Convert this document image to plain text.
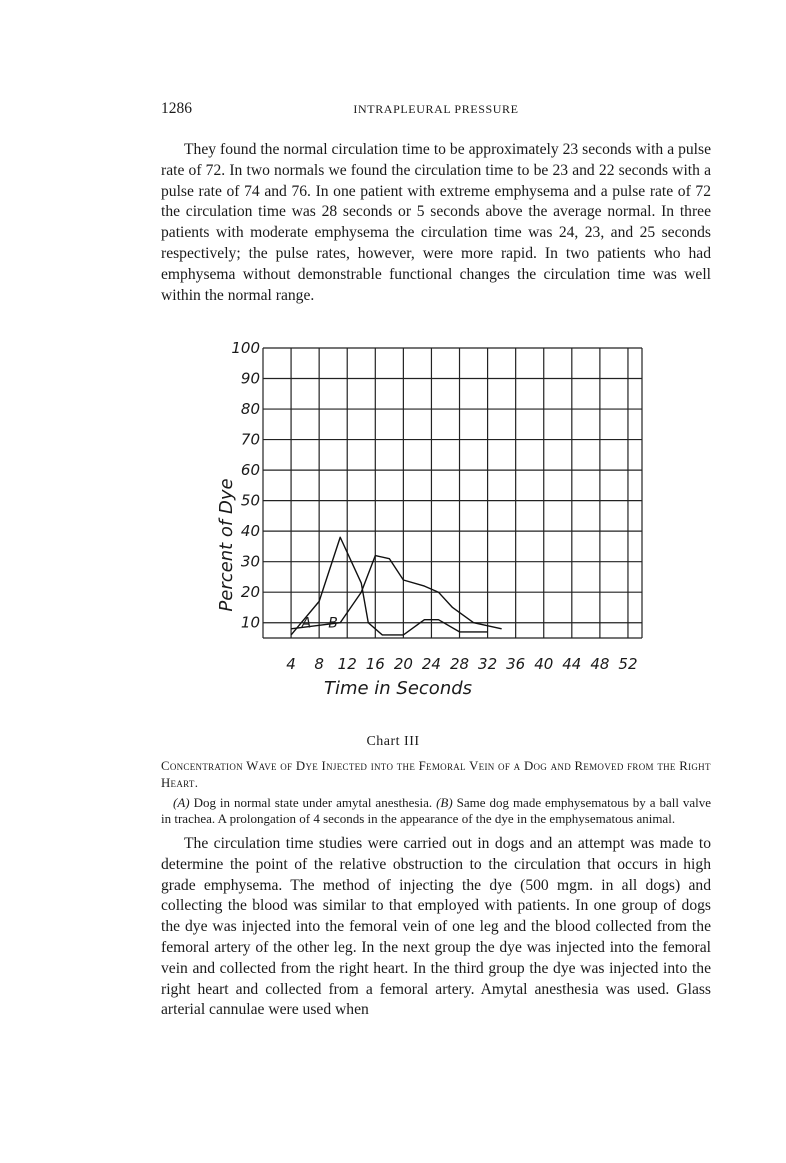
1286	INTRAPLEURAL PRESSURE

They found the normal circulation time to be approximately 23 seconds with a pulse rate of 72. In two normals we found the circulation time to be 23 and 22 seconds with a pulse rate of 74 and 76. In one patient with extreme emphysema and a pulse rate of 72 the circulation time was 28 seconds or 5 seconds above the average normal. In three patients with moderate emphysema the circulation time was 24, 23, and 25 seconds respectively; the pulse rates, however, were more rapid. In two patients who had emphysema without demonstrable functional changes the circulation time was well within the normal range.

10
20
30
40
50
60
70
80
90
100
4 8 12 16 20 24 28 32 36 40 44 48 52
A B
Percent of Dye
Time in Seconds
Chart III
Concentration Wave of Dye Injected into the Femoral Vein of a Dog and Removed from the Right Heart.

(A) Dog in normal state under amytal anesthesia. (B) Same dog made emphysematous by a ball valve in trachea. A prolongation of 4 seconds in the appearance of the dye in the emphysematous animal.

The circulation time studies were carried out in dogs and an attempt was made to determine the point of the relative obstruction to the circulation that occurs in high grade emphysema. The method of injecting the dye (500 mgm. in all dogs) and collecting the blood was similar to that employed with patients. In one group of dogs the dye was injected into the femoral vein of one leg and the blood collected from the femoral artery of the other leg. In the next group the dye was injected into the femoral vein and collected from the right heart. In the third group the dye was injected into the right heart and collected from a femoral artery. Amytal anesthesia was used. Glass arterial cannulae were used when
